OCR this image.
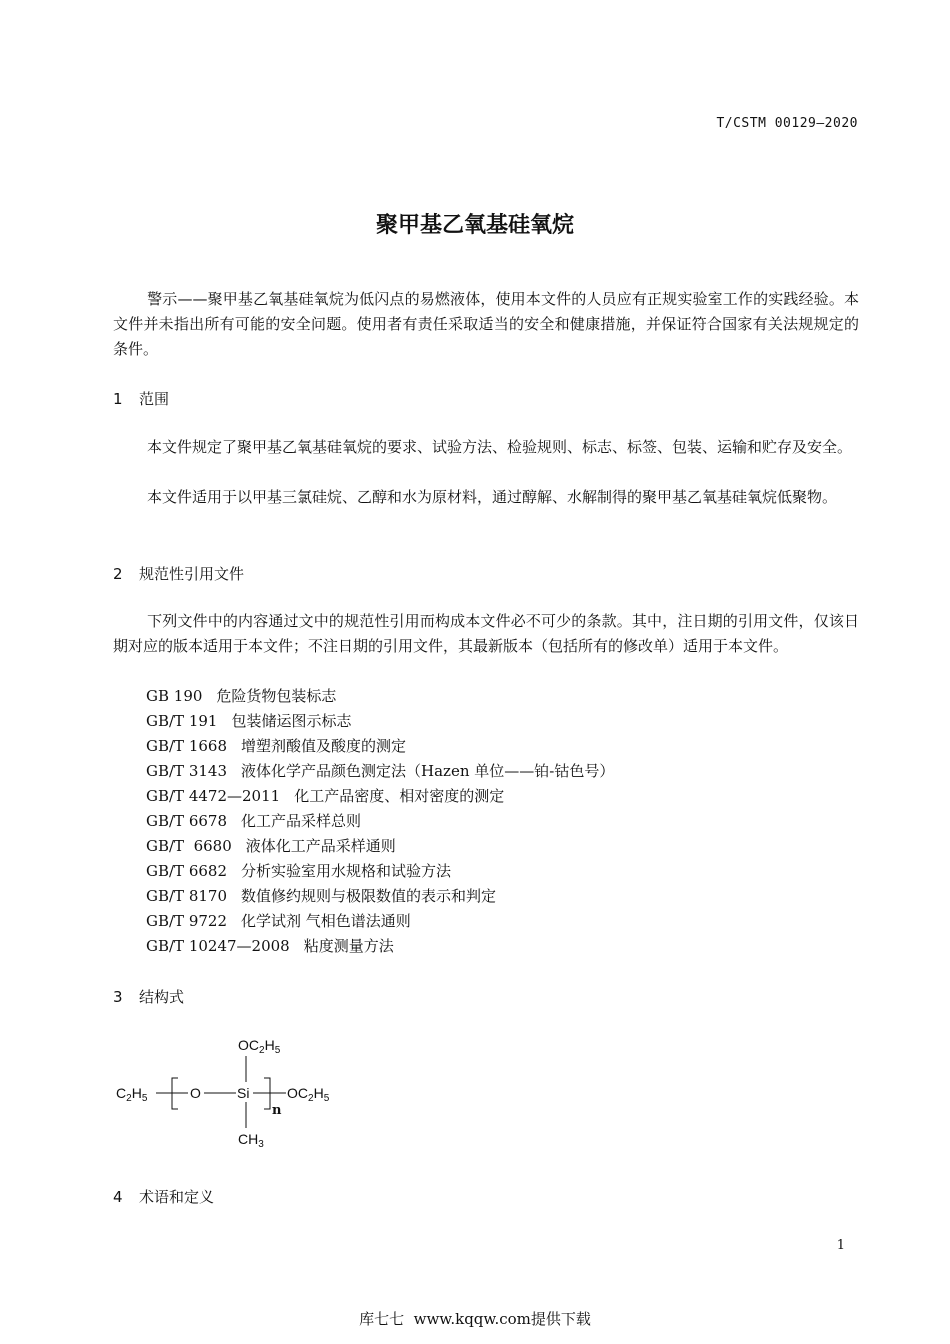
T/CSTM 00129—2020
聚甲基乙氧基硅氧烷
警示——聚甲基乙氧基硅氧烷为低闪点的易燃液体，使用本文件的人员应有正规实验室工作的实践经验。本文件并未指出所有可能的安全问题。使用者有责任采取适当的安全和健康措施，并保证符合国家有关法规规定的条件。
1 范围
本文件规定了聚甲基乙氧基硅氧烷的要求、试验方法、检验规则、标志、标签、包装、运输和贮存及安全。
本文件适用于以甲基三氯硅烷、乙醇和水为原材料，通过醇解、水解制得的聚甲基乙氧基硅氧烷低聚物。
2 规范性引用文件
下列文件中的内容通过文中的规范性引用而构成本文件必不可少的条款。其中，注日期的引用文件，仅该日期对应的版本适用于本文件；不注日期的引用文件，其最新版本（包括所有的修改单）适用于本文件。
GB 190 危险货物包装标志
GB/T 191 包装储运图示标志
GB/T 1668 增塑剂酸值及酸度的测定
GB/T 3143 液体化学产品颜色测定法（Hazen 单位——铂-钴色号）
GB/T 4472—2011 化工产品密度、相对密度的测定
GB/T 6678 化工产品采样总则
GB/T  6680 液体化工产品采样通则
GB/T 6682 分析实验室用水规格和试验方法
GB/T 8170 数值修约规则与极限数值的表示和判定
GB/T 9722 化学试剂 气相色谱法通则
GB/T 10247—2008 粘度测量方法
3 结构式
$OC_2H_5$
$C_2H_5$	O	Si
n
$OC_2H_5$
$CH_3$
4 术语和定义
1
库七七  www.kqqw.com提供下载
